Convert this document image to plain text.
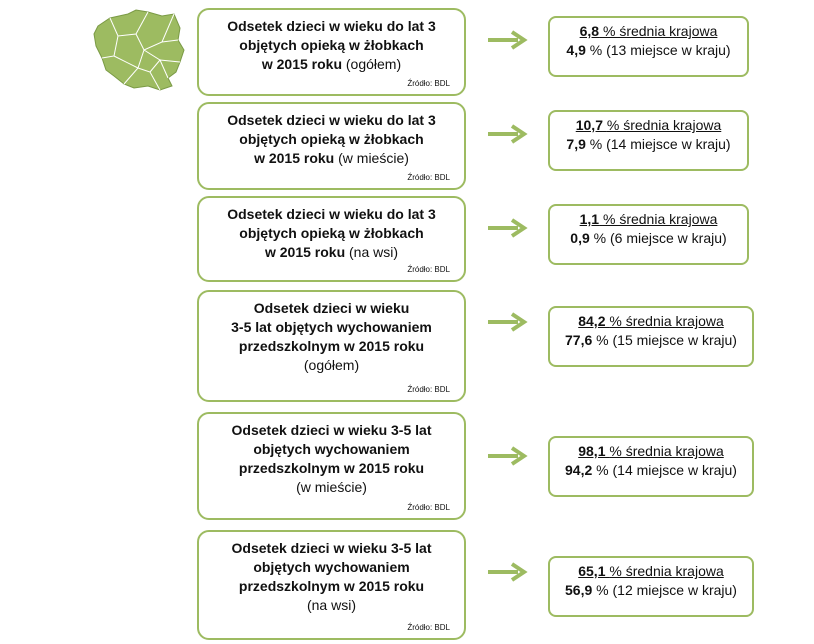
Odsetek dzieci w wieku do lat 3
objętych opieką w żłobkach
w 2015 roku (ogółem)
Źródło: BDL
6,8 % średnia krajowa
4,9 % (13 miejsce w kraju)
Odsetek dzieci w wieku do lat 3
objętych opieką w żłobkach
w 2015 roku (w mieście)
Źródło: BDL
10,7 % średnia krajowa
7,9 % (14 miejsce w kraju)
Odsetek dzieci w wieku do lat 3
objętych opieką w żłobkach
w 2015 roku (na wsi)
Źródło: BDL
1,1 % średnia krajowa
0,9 % (6 miejsce w kraju)
Odsetek dzieci w wieku
3-5 lat objętych wychowaniem
przedszkolnym w 2015 roku
(ogółem)
Źródło: BDL
84,2 % średnia krajowa
77,6 % (15 miejsce w kraju)
Odsetek dzieci w wieku 3-5 lat
objętych wychowaniem
przedszkolnym w 2015 roku
(w mieście)
Źródło: BDL
98,1 % średnia krajowa
94,2 % (14 miejsce w kraju)
Odsetek dzieci w wieku 3-5 lat
objętych wychowaniem
przedszkolnym w 2015 roku
(na wsi)
Źródło: BDL
65,1 % średnia krajowa
56,9 % (12 miejsce w kraju)
